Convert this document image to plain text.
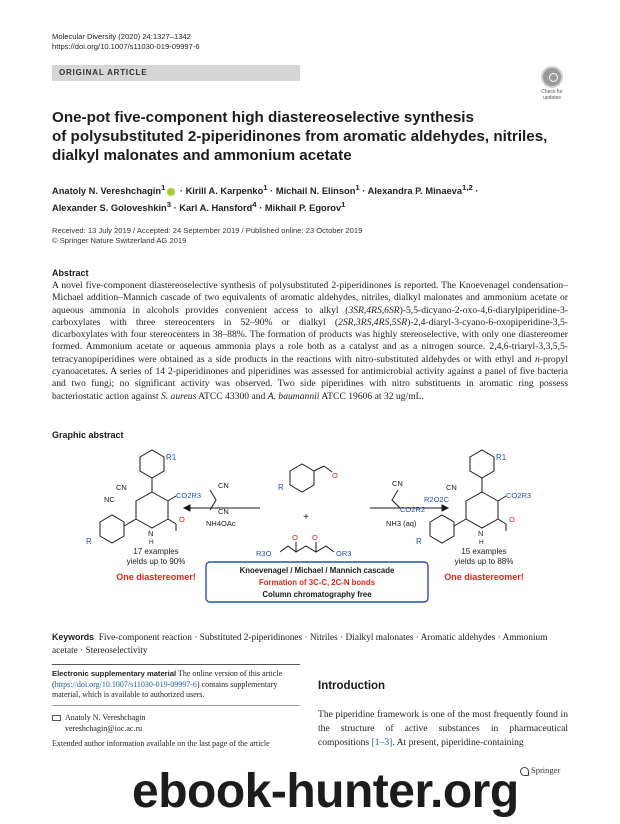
Molecular Diversity (2020) 24:1327–1342
https://doi.org/10.1007/s11030-019-09997-6
ORIGINAL ARTICLE
Check for
updates
One-pot five-component high diastereoselective synthesis
of polysubstituted 2-piperidinones from aromatic aldehydes, nitriles,
dialkyl malonates and ammonium acetate
Anatoly N. Vereshchagin$^1$ · Kirill A. Karpenko$^1$ · Michail N. Elinson$^1$ · Alexandra P. Minaeva$^{1,2}$ ·
Alexander S. Goloveshkin$^3$ · Karl A. Hansford$^4$ · Mikhail P. Egorov$^1$
Received: 13 July 2019 / Accepted: 24 September 2019 / Published online: 23 October 2019
© Springer Nature Switzerland AG 2019
Abstract
A novel five-component diastereoselective synthesis of polysubstituted 2-piperidinones is reported. The Knoevenagel condensation–Michael addition–Mannich cascade of two equivalents of aromatic aldehydes, nitriles, dialkyl malonates and ammonium acetate or aqueous ammonia in alcohols provides convenient access to alkyl (3SR,4RS,6SR)-5,5-dicyano-2-oxo-4,6-diarylpiperidine-3-carboxylates with three stereocenters in 52–90% or dialkyl (2SR,3RS,4RS,5SR)-2,4-diaryl-3-cyano-6-oxopiperidine-3,5-dicarboxylates with four stereocenters in 38–88%. The formation of products was highly stereoselective, with only one diastereomer formed. Ammonium acetate or aqueous ammonia plays a role both as a catalyst and as a nitrogen source. 2,4,6-triaryl-3,3,5,5-tetracyanopiperidines were obtained as a side products in the reactions with nitro-substituted aldehydes or with ethyl and n-propyl cyanoacetates. A series of 14 2-piperidinones and piperidines was assessed for antimicrobial activity against a panel of five bacteria and two fungi; no significant activity was observed. Two side piperidines with nitro substituents in aromatic ring possess bacteriostatic action against S. aureus ATCC 43300 and A. baumannii ATCC 19606 at 32 ug/mL.
Graphic abstract
R1
CN
NC	CO2R3
O
N
H
R
17 examples
yields up to 90%
One diastereomer!
CN
CN
NH4OAc
R
O
+
O O
R3O	OR3
CN
CO2R2
NH3 (aq)
R1
CN
R2O2C	CO2R3
O
N
H
R
15 examples
yields up to 88%
One diastereomer!
Knoevenagel / Michael / Mannich cascade
Formation of 3C-C, 2C-N bonds
Column chromatography free
Keywords Five-component reaction · Substituted 2-piperidinones · Nitriles · Dialkyl malonates · Aromatic aldehydes · Ammonium acetate · Stereoselectivity
Electronic supplementary material The online version of this article (https://doi.org/10.1007/s11030-019-09997-6) contains supplementary material, which is available to authorized users.
Anatoly N. Vereshchagin
vereshchagin@ioc.ac.ru
Extended author information available on the last page of the article
Introduction
The piperidine framework is one of the most frequently found in the structure of active substances in pharmaceutical compositions [1–3]. At present, piperidine-containing
Springer
ebook-hunter.org
